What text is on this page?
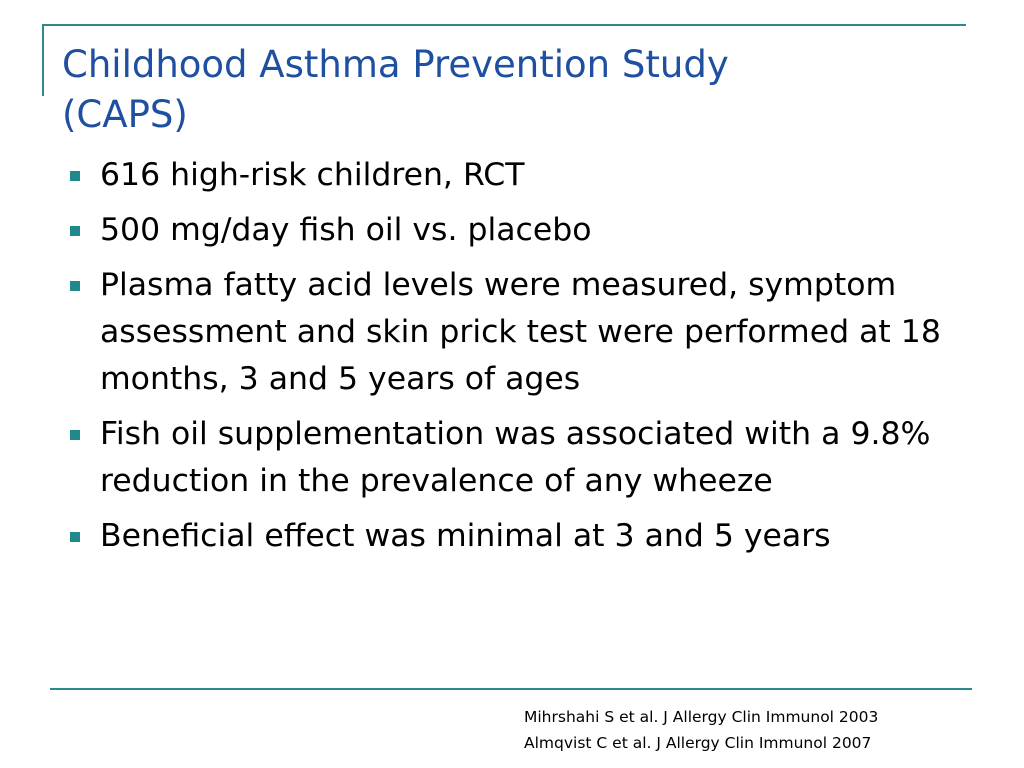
Childhood Asthma Prevention Study
(CAPS)
616 high-risk children, RCT
500 mg/day fish oil vs. placebo
Plasma fatty acid levels were measured, symptom assessment and skin prick test were performed at 18 months, 3 and 5 years of ages
Fish oil supplementation was associated with a 9.8% reduction in the prevalence of any wheeze
Beneficial effect was minimal at 3 and 5 years
Mihrshahi S et al. J Allergy Clin Immunol 2003
Almqvist C et al. J Allergy Clin Immunol 2007
